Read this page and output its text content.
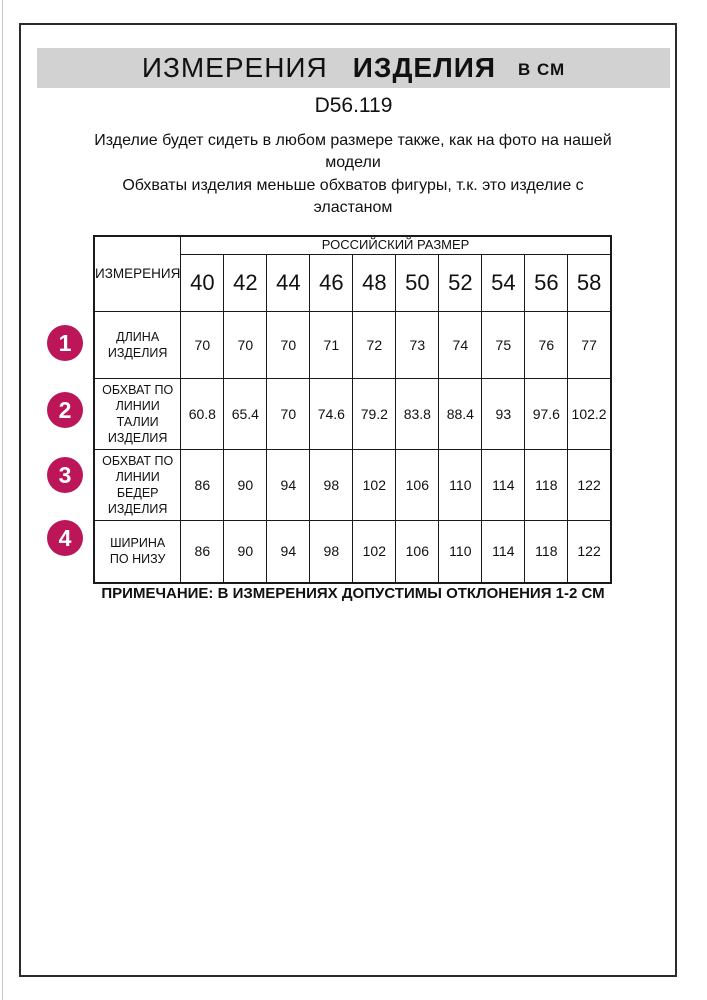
ИЗМЕРЕНИЯ ИЗДЕЛИЯ В СМ
D56.119
Изделие будет сидеть в любом размере также, как на фото на нашей
модели
Обхваты изделия меньше обхватов фигуры, т.к. это изделие с
эластаном
ИЗМЕРЕНИЯ	РОССИЙСКИЙ РАЗМЕР									
	40	42	44	46	48	50	52	54	56	58
ДЛИНА ИЗДЕЛИЯ	70	70	70	71	72	73	74	75	76	77
ОБХВАТ ПО ЛИНИИ ТАЛИИ ИЗДЕЛИЯ	60.8	65.4	70	74.6	79.2	83.8	88.4	93	97.6	102.2
ОБХВАТ ПО ЛИНИИ БЕДЕР ИЗДЕЛИЯ	86	90	94	98	102	106	110	114	118	122
ШИРИНА ПО НИЗУ	86	90	94	98	102	106	110	114	118	122
1
2
3
4
ПРИМЕЧАНИЕ: В ИЗМЕРЕНИЯХ ДОПУСТИМЫ ОТКЛОНЕНИЯ 1-2 СМ
